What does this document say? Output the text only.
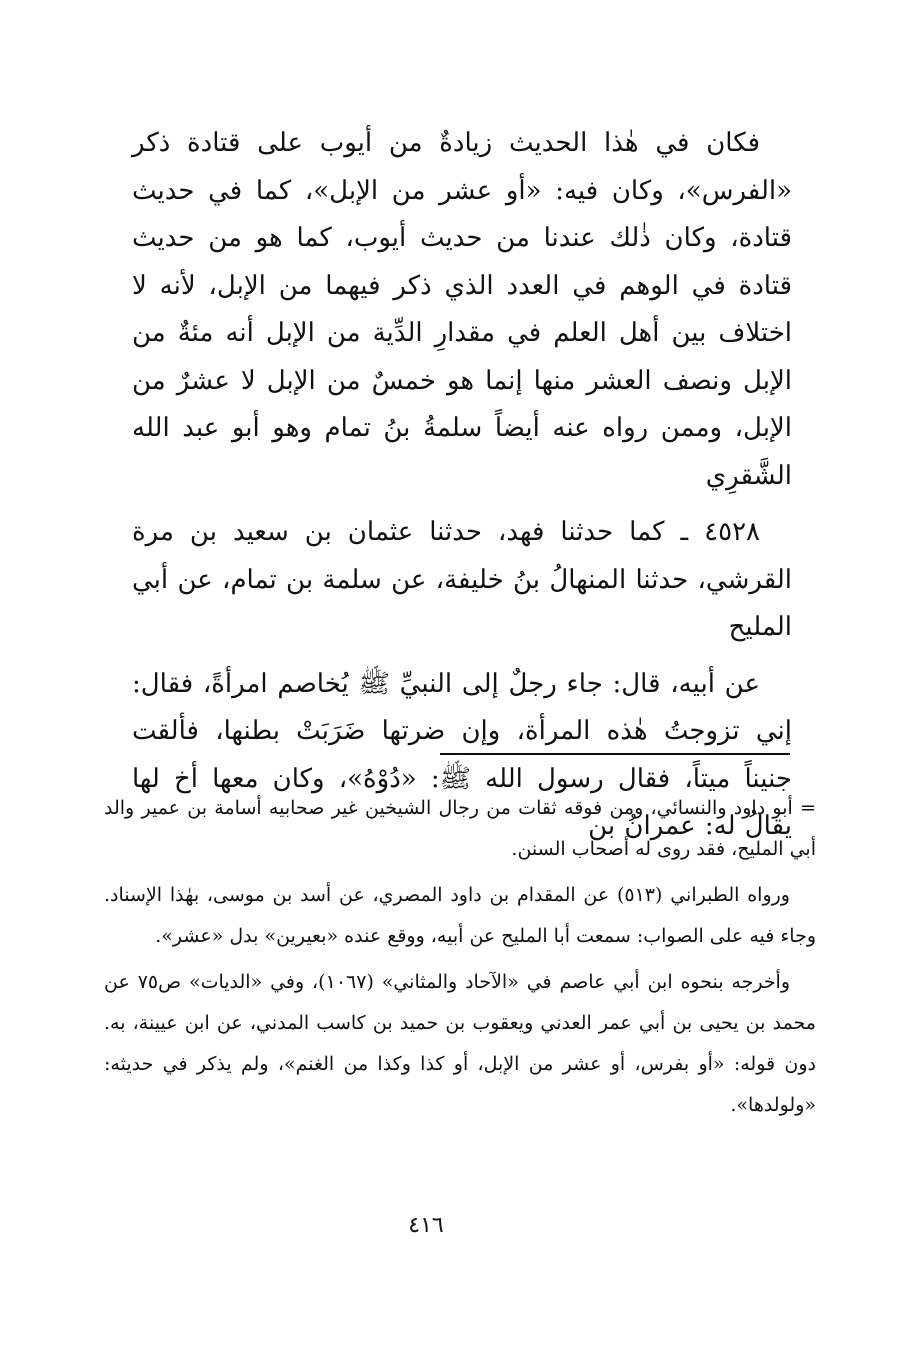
فكان في هٰذا الحديث زيادةٌ من أيوب على قتادة ذكر «الفرس»، وكان فيه: «أو عشر من الإبل»، كما في حديث قتادة، وكان ذٰلك عندنا من حديث أيوب، كما هو من حديث قتادة في الوهم في العدد الذي ذكر فيهما من الإبل، لأنه لا اختلاف بين أهل العلم في مقدارِ الدِّية من الإبل أنه مئةٌ من الإبل ونصف العشر منها إنما هو خمسٌ من الإبل لا عشرٌ من الإبل، وممن رواه عنه أيضاً سلمةُ بنُ تمام وهو أبو عبد الله الشَّقرِي

٤٥٢٨ ـ كما حدثنا فهد، حدثنا عثمان بن سعيد بن مرة القرشي، حدثنا المنهالُ بنُ خليفة، عن سلمة بن تمام، عن أبي المليح

عن أبيه، قال: جاء رجلٌ إلى النبيِّ ﷺ يُخاصم امرأةً، فقال: إني تزوجتُ هٰذه المرأة، وإن ضرتها ضَرَبَتْ بطنها، فألقت جنيناً ميتاً، فقال رسول الله ﷺ: «دُوْهُ»، وكان معها أخ لها يقالُ له: عمرانُ بن

= أبو داود والنسائي، ومن فوقه ثقات من رجال الشيخين غير صحابيه أسامة بن عمير والد أبي المليح، فقد روى له أصحاب السنن.

ورواه الطبراني (٥١٣) عن المقدام بن داود المصري، عن أسد بن موسى، بهٰذا الإسناد. وجاء فيه على الصواب: سمعت أبا المليح عن أبيه، ووقع عنده «بعيرين» بدل «عشر».

وأخرجه بنحوه ابن أبي عاصم في «الآحاد والمثاني» (١٠٦٧)، وفي «الديات» ص٧٥ عن محمد بن يحيى بن أبي عمر العدني ويعقوب بن حميد بن كاسب المدني، عن ابن عيينة، به. دون قوله: «أو بفرس، أو عشر من الإبل، أو كذا وكذا من الغنم»، ولم يذكر في حديثه: «ولولدها».

٤١٦
